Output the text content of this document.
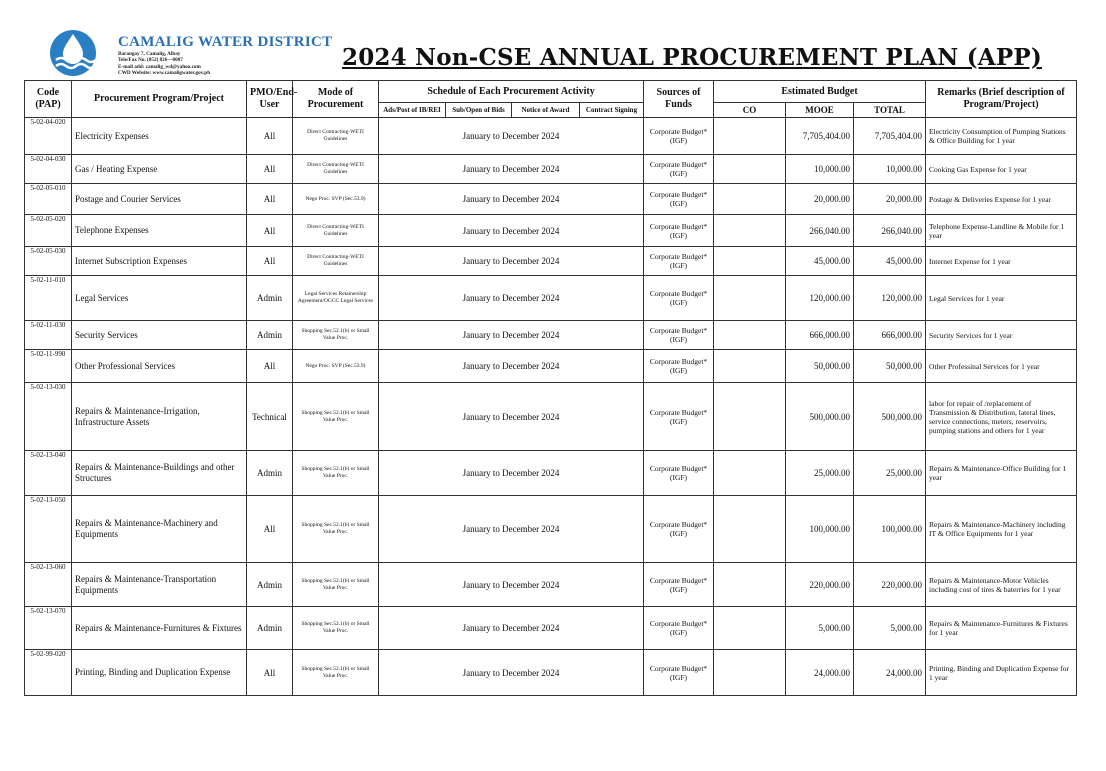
CAMALIG WATER DISTRICT
Barangay 7, Camalig, Albay
Tele/Fax No. (052) 826—0007
E-mail add: camalig_wd@yahoo.com
CWD Website: www.camaligwater.gov.ph
2024 Non-CSE ANNUAL PROCUREMENT PLAN (APP)
Code (PAP)	Procurement Program/Project	PMO/End-User	Mode of Procurement	Schedule of Each Procurement Activity				Sources of Funds	Estimated Budget			Remarks (Brief description of Program/Project)
				Ads/Post of IB/REI	Sub/Open of Bids	Notice of Award	Contract Signing		CO	MOOE	TOTAL	
5-02-04-020	Electricity Expenses	All	Direct Contracting-WETI Guidelines	January to December 2024				Corporate Budget*(IGF)		7,705,404.00	7,705,404.00	Electricity Consumption of Pumping Stations & Office Building for 1 year
5-02-04-030	Gas / Heating Expense	All	Direct Contracting-WETI Guidelines	January to December 2024				Corporate Budget*(IGF)		10,000.00	10,000.00	Cooking Gas Expense for 1 year
5-02-05-010	Postage and Courier Services	All	Nego Proc. SVP (Sec.53.9)	January to December 2024				Corporate Budget*(IGF)		20,000.00	20,000.00	Postage & Deliveries Expense for 1 year
5-02-05-020	Telephone Expenses	All	Direct Contracting-WETI Guidelines	January to December 2024				Corporate Budget*(IGF)		266,040.00	266,040.00	Telephone Expense-Landline & Mobile for 1 year
5-02-05-030	Internet Subscription Expenses	All	Direct Contracting-WETI Guidelines	January to December 2024				Corporate Budget*(IGF)		45,000.00	45,000.00	Internet Expense for 1 year
5-02-11-010	Legal Services	Admin	Legal Services Retainership Agreement/OGCC Legal Services	January to December 2024				Corporate Budget*(IGF)		120,000.00	120,000.00	Legal Services for 1 year
5-02-11-030	Security Services	Admin	Shopping Sec.52.1(b) or Small Value Proc.	January to December 2024				Corporate Budget*(IGF)		666,000.00	666,000.00	Security Services for 1 year
5-02-11-990	Other Professional Services	All	Nego Proc. SVP (Sec.53.9)	January to December 2024				Corporate Budget*(IGF)		50,000.00	50,000.00	Other Professinal Services for 1 year
5-02-13-030	Repairs & Maintenance-Irrigation, Infrastructure Assets	Technical	Shopping Sec.52.1(b) or Small Value Proc.	January to December 2024				Corporate Budget*(IGF)		500,000.00	500,000.00	labor for repair of /replacement of Transmission & Distribution, lateral lines, service connections, meters, reservoirs, pumping stations and others for 1 year
5-02-13-040	Repairs & Maintenance-Buildings and other Structures	Admin	Shopping Sec.52.1(b) or Small Value Proc.	January to December 2024				Corporate Budget*(IGF)		25,000.00	25,000.00	Repairs & Maintenance-Office Building for 1 year
5-02-13-050	Repairs & Maintenance-Machinery and Equipments	All	Shopping Sec.52.1(b) or Small Value Proc.	January to December 2024				Corporate Budget*(IGF)		100,000.00	100,000.00	Repairs & Maintenance-Machinery including IT & Office Equipments for 1 year
5-02-13-060	Repairs & Maintenance-Transportation Equipments	Admin	Shopping Sec.52.1(b) or Small Value Proc.	January to December 2024				Corporate Budget*(IGF)		220,000.00	220,000.00	Repairs & Maintenance-Motor Vehicles including cost of tires & baterries for 1 year
5-02-13-070	Repairs & Maintenance-Furnitures & Fixtures	Admin	Shopping Sec.52.1(b) or Small Value Proc.	January to December 2024				Corporate Budget*(IGF)		5,000.00	5,000.00	Repairs & Maintenance-Furnitures & Fixtures for 1 year
5-02-99-020	Printing, Binding and Duplication Expense	All	Shopping Sec.52.1(b) or Small Value Proc.	January to December 2024				Corporate Budget*(IGF)		24,000.00	24,000.00	Printing, Binding and Duplication Expense for 1 year
